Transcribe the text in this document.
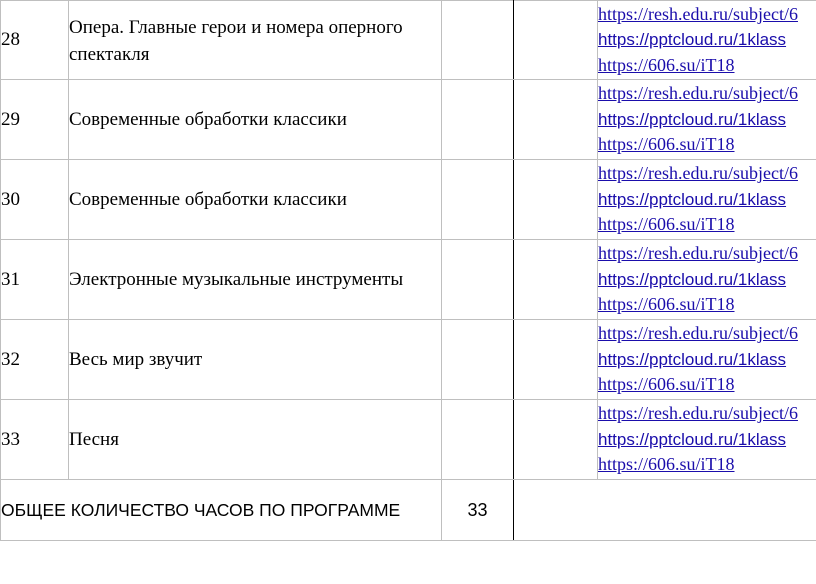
28	Опера. Главные герои и номера оперного спектакля			https://resh.edu.ru/subject/6
https://pptcloud.ru/1klass
https://606.su/iT18

29	Современные обработки классики			https://resh.edu.ru/subject/6
https://pptcloud.ru/1klass
https://606.su/iT18

30	Современные обработки классики			https://resh.edu.ru/subject/6
https://pptcloud.ru/1klass
https://606.su/iT18

31	Электронные музыкальные инструменты			https://resh.edu.ru/subject/6
https://pptcloud.ru/1klass
https://606.su/iT18

32	Весь мир звучит			https://resh.edu.ru/subject/6
https://pptcloud.ru/1klass
https://606.su/iT18

33	Песня			https://resh.edu.ru/subject/6
https://pptcloud.ru/1klass
https://606.su/iT18

ОБЩЕЕ КОЛИЧЕСТВО ЧАСОВ ПО ПРОГРАММЕ		33		
